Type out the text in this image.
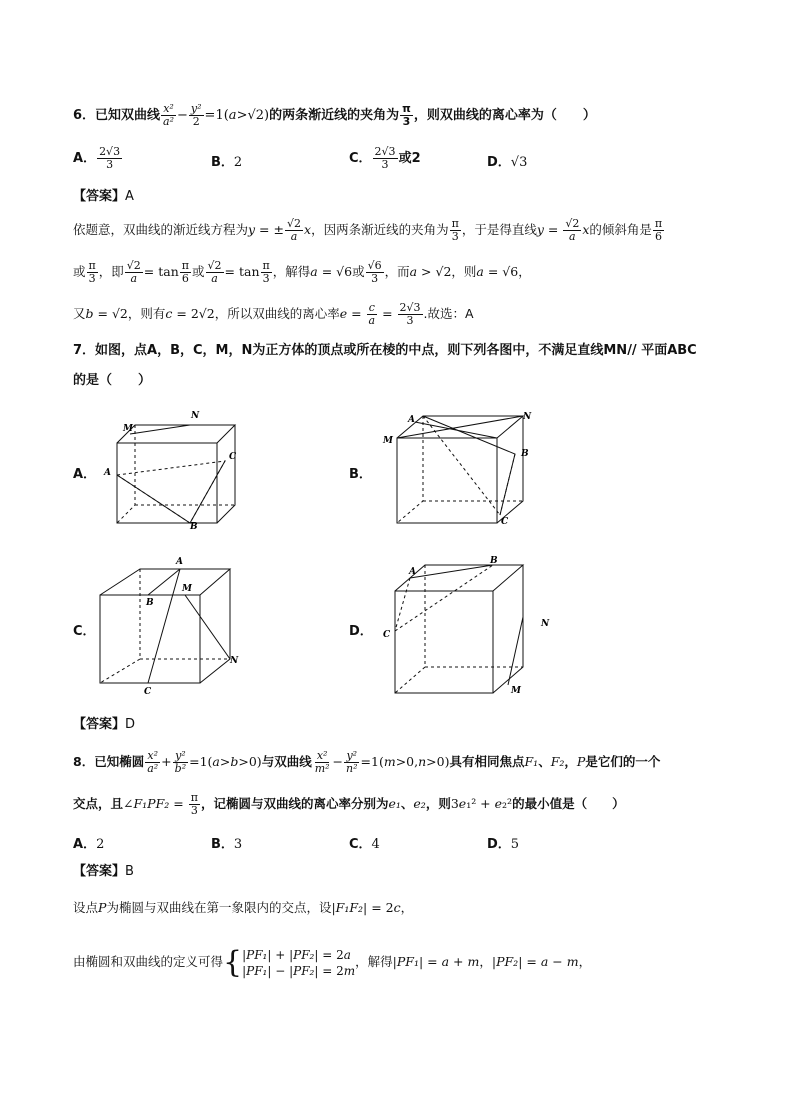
6．已知双曲线 $\frac{\text{x²}}{\text{a²}} - \frac{\text{y²}}{2} =1(a>√2)$的两条渐近线的夹角为 $\frac{\pi}{3}$ ，则双曲线的离心率为（　　）
A． $\frac{2√3}{3}$	B．2	C． $\frac{2√3}{3}$ 或2	D．√3
【答案】A
依题意，双曲线的渐近线方程为y = ± $\frac{√2}{a}$ x，因两条渐近线的夹角为 $\frac{\pi}{3}$ ，于是得直线$y = \frac{√2}{a}$ x的倾斜角是 $\frac{\pi}{6}$
或 $\frac{\pi}{3}$ ，即 $\frac{√2}{a} = \tan \frac{\pi}{6}$ 或 $\frac{√2}{a} = \tan \frac{\pi}{3}$ ，解得a = √6或 $\frac{√6}{3}$ ，而a > √2，则a = √6，
又b = √2，则有c = 2√2，所以双曲线的离心率$e = \frac{c}{a} = \frac{2√3}{3}$ .故选：A
7．如图，点A，B，C，M，N为正方体的顶点或所在棱的中点，则下列各图中，不满足直线MN// 平面ABC
的是（　　）
A．
M
N
C
A
B
B．
M
A	N
B
C
C．
A
B
M
N
C
D．
A
B
C
N
M
【答案】D
8．已知椭圆 $\frac{\text{x²}}{\text{a²}} + \frac{\text{y²}}{\text{b²}} =1(a>b>0)$与双曲线 $\frac{\text{x²}}{\text{m²}} - \frac{\text{y²}}{\text{n²}} =1(m>0,n>0)$具有相同焦点F₁、F₂，P是它们的一个
交点，且∠F₁PF₂ = $\frac{\pi}{3}$ ，记椭圆与双曲线的离心率分别为e₁、e₂，则3e₁² + e₂²的最小值是（　　）
A．2	B．3	C．4	D．5
【答案】B
设点P为椭圆与双曲线在第一象限内的交点，设|F₁F₂| = 2c，
由椭圆和双曲线的定义可得{ |PF₁| + |PF₂| = 2a
|PF₁| − |PF₂| = 2m
，解得|PF₁| = a + m，|PF₂| = a − m，
